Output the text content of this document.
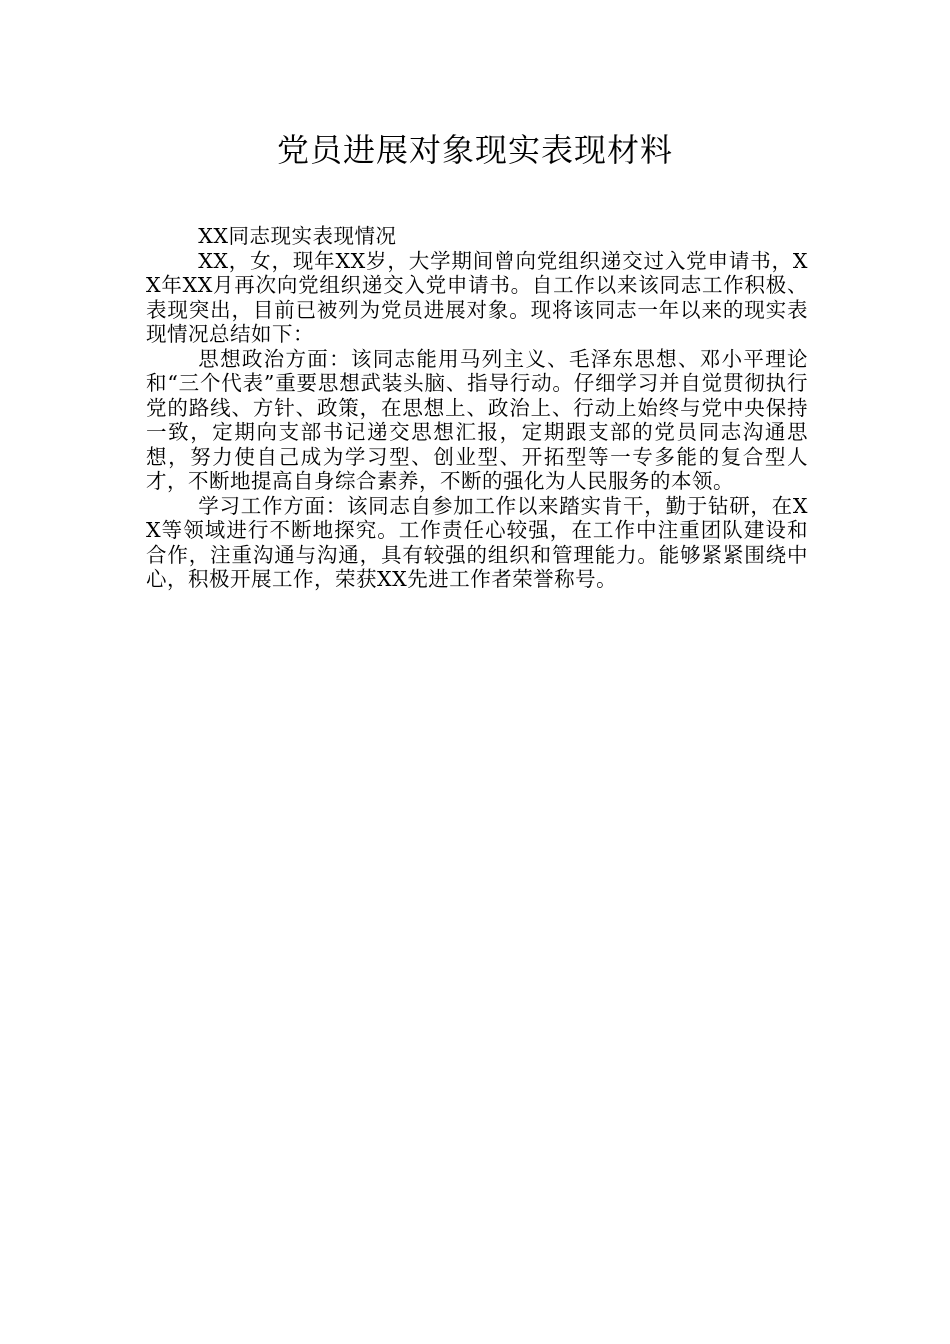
党员进展对象现实表现材料

XX同志现实表现情况

XX，女，现年XX岁，大学期间曾向党组织递交过入党申请书，XX年XX月再次向党组织递交入党申请书。自工作以来该同志工作积极、表现突出，目前已被列为党员进展对象。现将该同志一年以来的现实表现情况总结如下：

思想政治方面：该同志能用马列主义、毛泽东思想、邓小平理论和“三个代表”重要思想武装头脑、指导行动。仔细学习并自觉贯彻执行党的路线、方针、政策，在思想上、政治上、行动上始终与党中央保持一致，定期向支部书记递交思想汇报，定期跟支部的党员同志沟通思想，努力使自己成为学习型、创业型、开拓型等一专多能的复合型人才，不断地提高自身综合素养，不断的强化为人民服务的本领。

学习工作方面：该同志自参加工作以来踏实肯干，勤于钻研，在XX等领域进行不断地探究。工作责任心较强，在工作中注重团队建设和合作，注重沟通与沟通，具有较强的组织和管理能力。能够紧紧围绕中心，积极开展工作，荣获XX先进工作者荣誉称号。
